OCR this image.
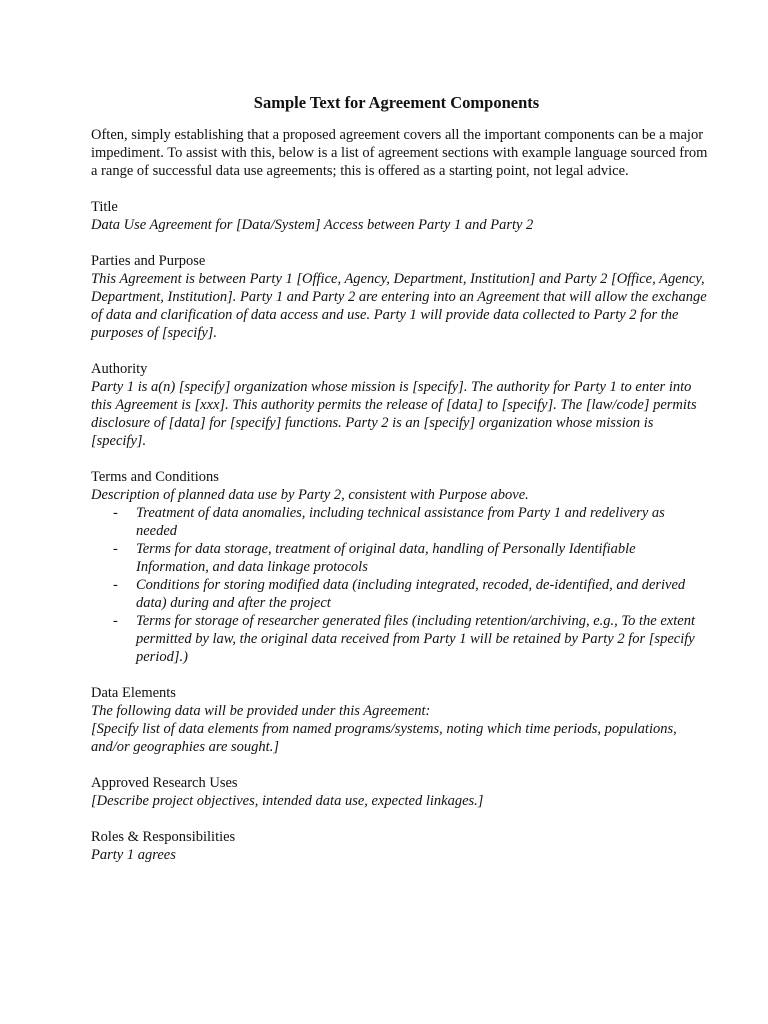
Sample Text for Agreement Components

Often, simply establishing that a proposed agreement covers all the important components can be a major impediment. To assist with this, below is a list of agreement sections with example language sourced from a range of successful data use agreements; this is offered as a starting point, not legal advice.

Title

Data Use Agreement for [Data/System] Access between Party 1 and Party 2

Parties and Purpose

This Agreement is between Party 1 [Office, Agency, Department, Institution] and Party 2 [Office, Agency, Department, Institution]. Party 1 and Party 2 are entering into an Agreement that will allow the exchange of data and clarification of data access and use. Party 1 will provide data collected to Party 2 for the purposes of [specify].

Authority

Party 1 is a(n) [specify] organization whose mission is [specify]. The authority for Party 1 to enter into this Agreement is [xxx]. This authority permits the release of [data] to [specify]. The [law/code] permits disclosure of [data] for [specify] functions. Party 2 is an [specify] organization whose mission is [specify].

Terms and Conditions

Description of planned data use by Party 2, consistent with Purpose above.

- Treatment of data anomalies, including technical assistance from Party 1 and redelivery as needed
- Terms for data storage, treatment of original data, handling of Personally Identifiable Information, and data linkage protocols
- Conditions for storing modified data (including integrated, recoded, de-identified, and derived data) during and after the project
- Terms for storage of researcher generated files (including retention/archiving, e.g., To the extent permitted by law, the original data received from Party 1 will be retained by Party 2 for [specify period].)

Data Elements

The following data will be provided under this Agreement:

[Specify list of data elements from named programs/systems, noting which time periods, populations, and/or geographies are sought.]

Approved Research Uses

[Describe project objectives, intended data use, expected linkages.]

Roles & Responsibilities

Party 1 agrees
